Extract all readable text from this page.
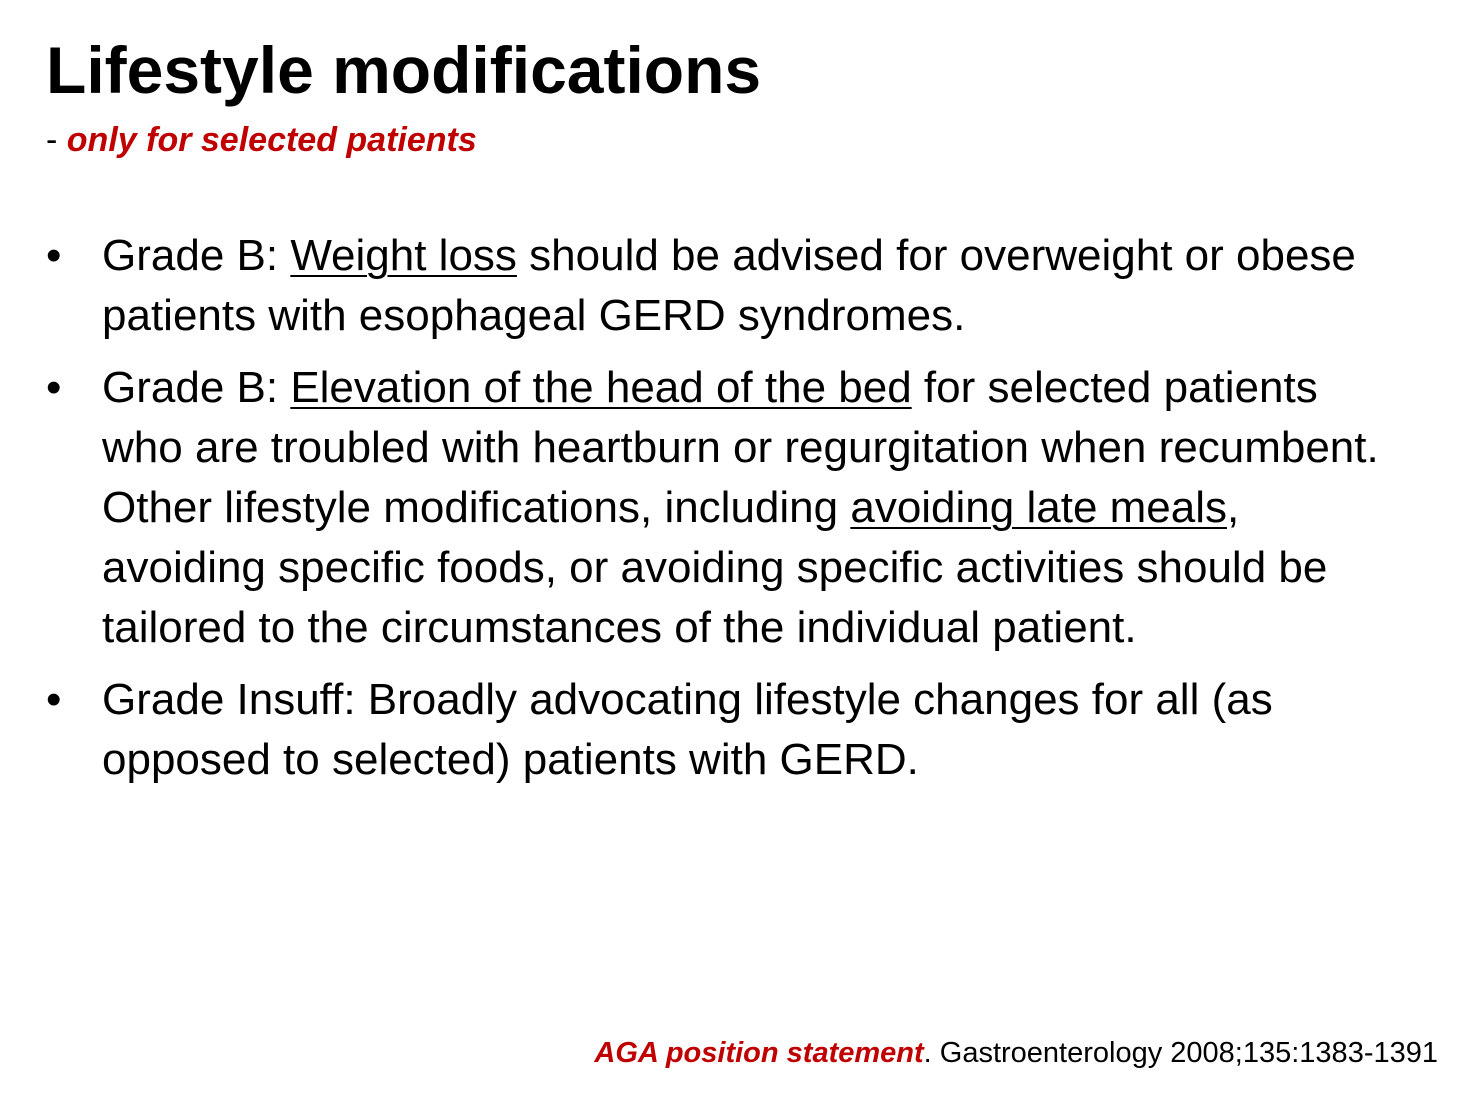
Lifestyle modifications

- only for selected patients

• Grade B: Weight loss should be advised for overweight or obese patients with esophageal GERD syndromes.
• Grade B: Elevation of the head of the bed for selected patients who are troubled with heartburn or regurgitation when recumbent. Other lifestyle modifications, including avoiding late meals, avoiding specific foods, or avoiding specific activities should be tailored to the circumstances of the individual patient.
• Grade Insuff: Broadly advocating lifestyle changes for all (as opposed to selected) patients with GERD.

AGA position statement. Gastroenterology 2008;135:1383-1391
